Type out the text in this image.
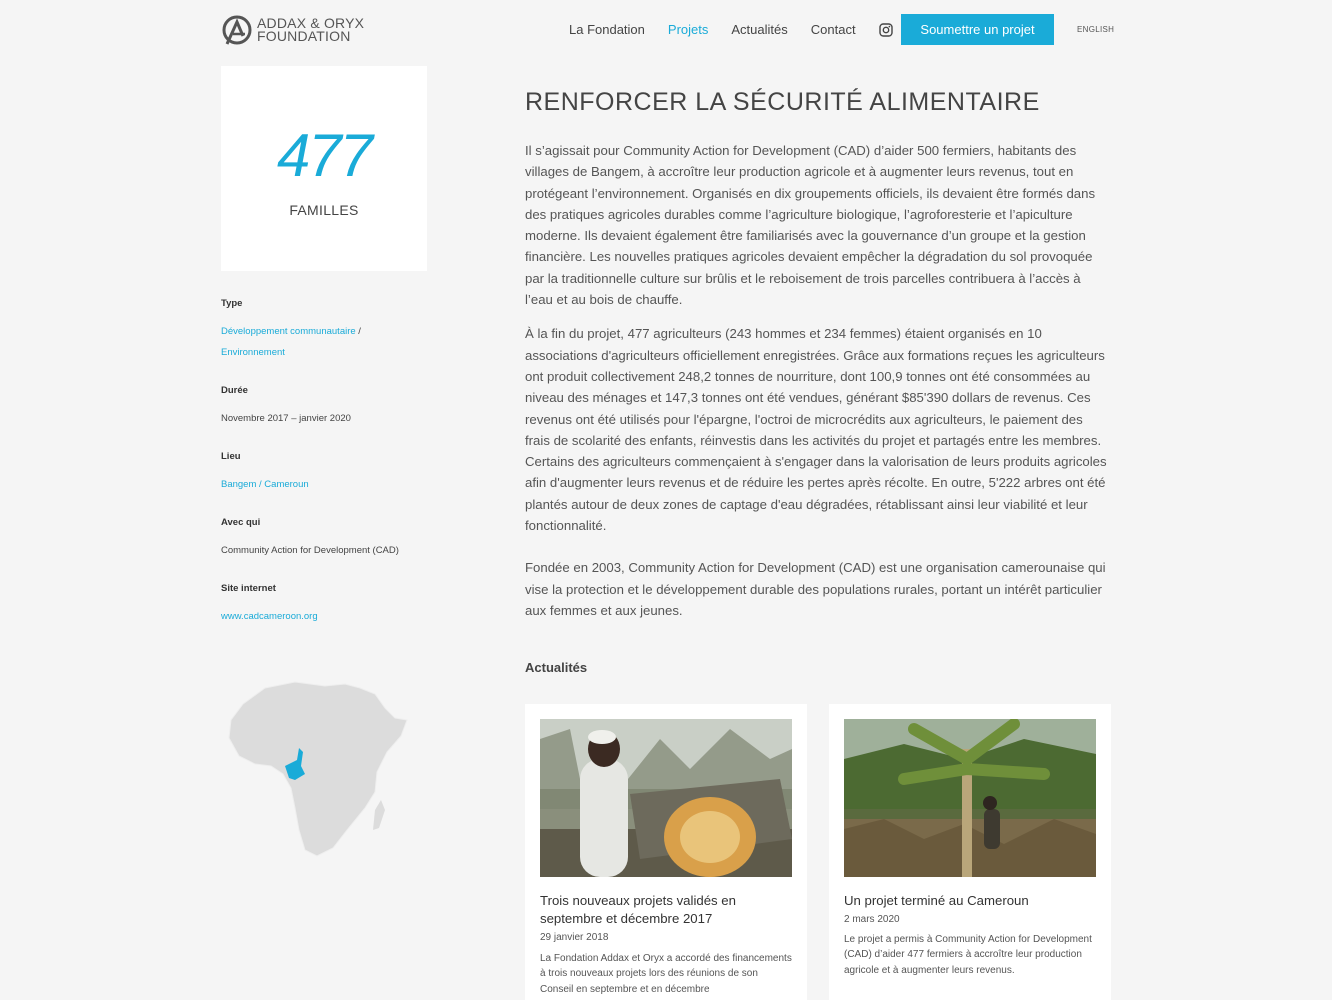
ADDAX & ORYX
FOUNDATION	La Fondation Projets Actualités Contact	Soumettre un projet	ENGLISH
477
FAMILLES
Type
Développement communautaire /
Environnement
Durée
Novembre 2017 – janvier 2020
Lieu
Bangem / Cameroun
Avec qui
Community Action for Development (CAD)
Site internet
www.cadcameroon.org
RENFORCER LA SÉCURITÉ ALIMENTAIRE

Il s’agissait pour Community Action for Development (CAD) d’aider 500 fermiers, habitants des villages de Bangem, à accroître leur production agricole et à augmenter leurs revenus, tout en protégeant l’environnement. Organisés en dix groupements officiels, ils devaient être formés dans des pratiques agricoles durables comme l’agriculture biologique, l’agroforesterie et l’apiculture moderne. Ils devaient également être familiarisés avec la gouvernance d’un groupe et la gestion financière. Les nouvelles pratiques agricoles devaient empêcher la dégradation du sol provoquée par la traditionnelle culture sur brûlis et le reboisement de trois parcelles contribuera à l’accès à l’eau et au bois de chauffe.

À la fin du projet, 477 agriculteurs (243 hommes et 234 femmes) étaient organisés en 10 associations d'agriculteurs officiellement enregistrées. Grâce aux formations reçues les agriculteurs ont produit collectivement 248,2 tonnes de nourriture, dont 100,9 tonnes ont été consommées au niveau des ménages et 147,3 tonnes ont été vendues, générant $85'390 dollars de revenus. Ces revenus ont été utilisés pour l'épargne, l'octroi de microcrédits aux agriculteurs, le paiement des frais de scolarité des enfants, réinvestis dans les activités du projet et partagés entre les membres. Certains des agriculteurs commençaient à s'engager dans la valorisation de leurs produits agricoles afin d'augmenter leurs revenus et de réduire les pertes après récolte. En outre, 5'222 arbres ont été plantés autour de deux zones de captage d'eau dégradées, rétablissant ainsi leur viabilité et leur fonctionnalité.

Fondée en 2003, Community Action for Development (CAD) est une organisation camerounaise qui vise la protection et le développement durable des populations rurales, portant un intérêt particulier aux femmes et aux jeunes.

Actualités
Trois nouveaux projets validés en septembre et décembre 2017
29 janvier 2018
La Fondation Addax et Oryx a accordé des financements à trois nouveaux projets lors des réunions de son Conseil en septembre et en décembre
Un projet terminé au Cameroun
2 mars 2020
Le projet a permis à Community Action for Development (CAD) d’aider 477 fermiers à accroître leur production agricole et à augmenter leurs revenus.
